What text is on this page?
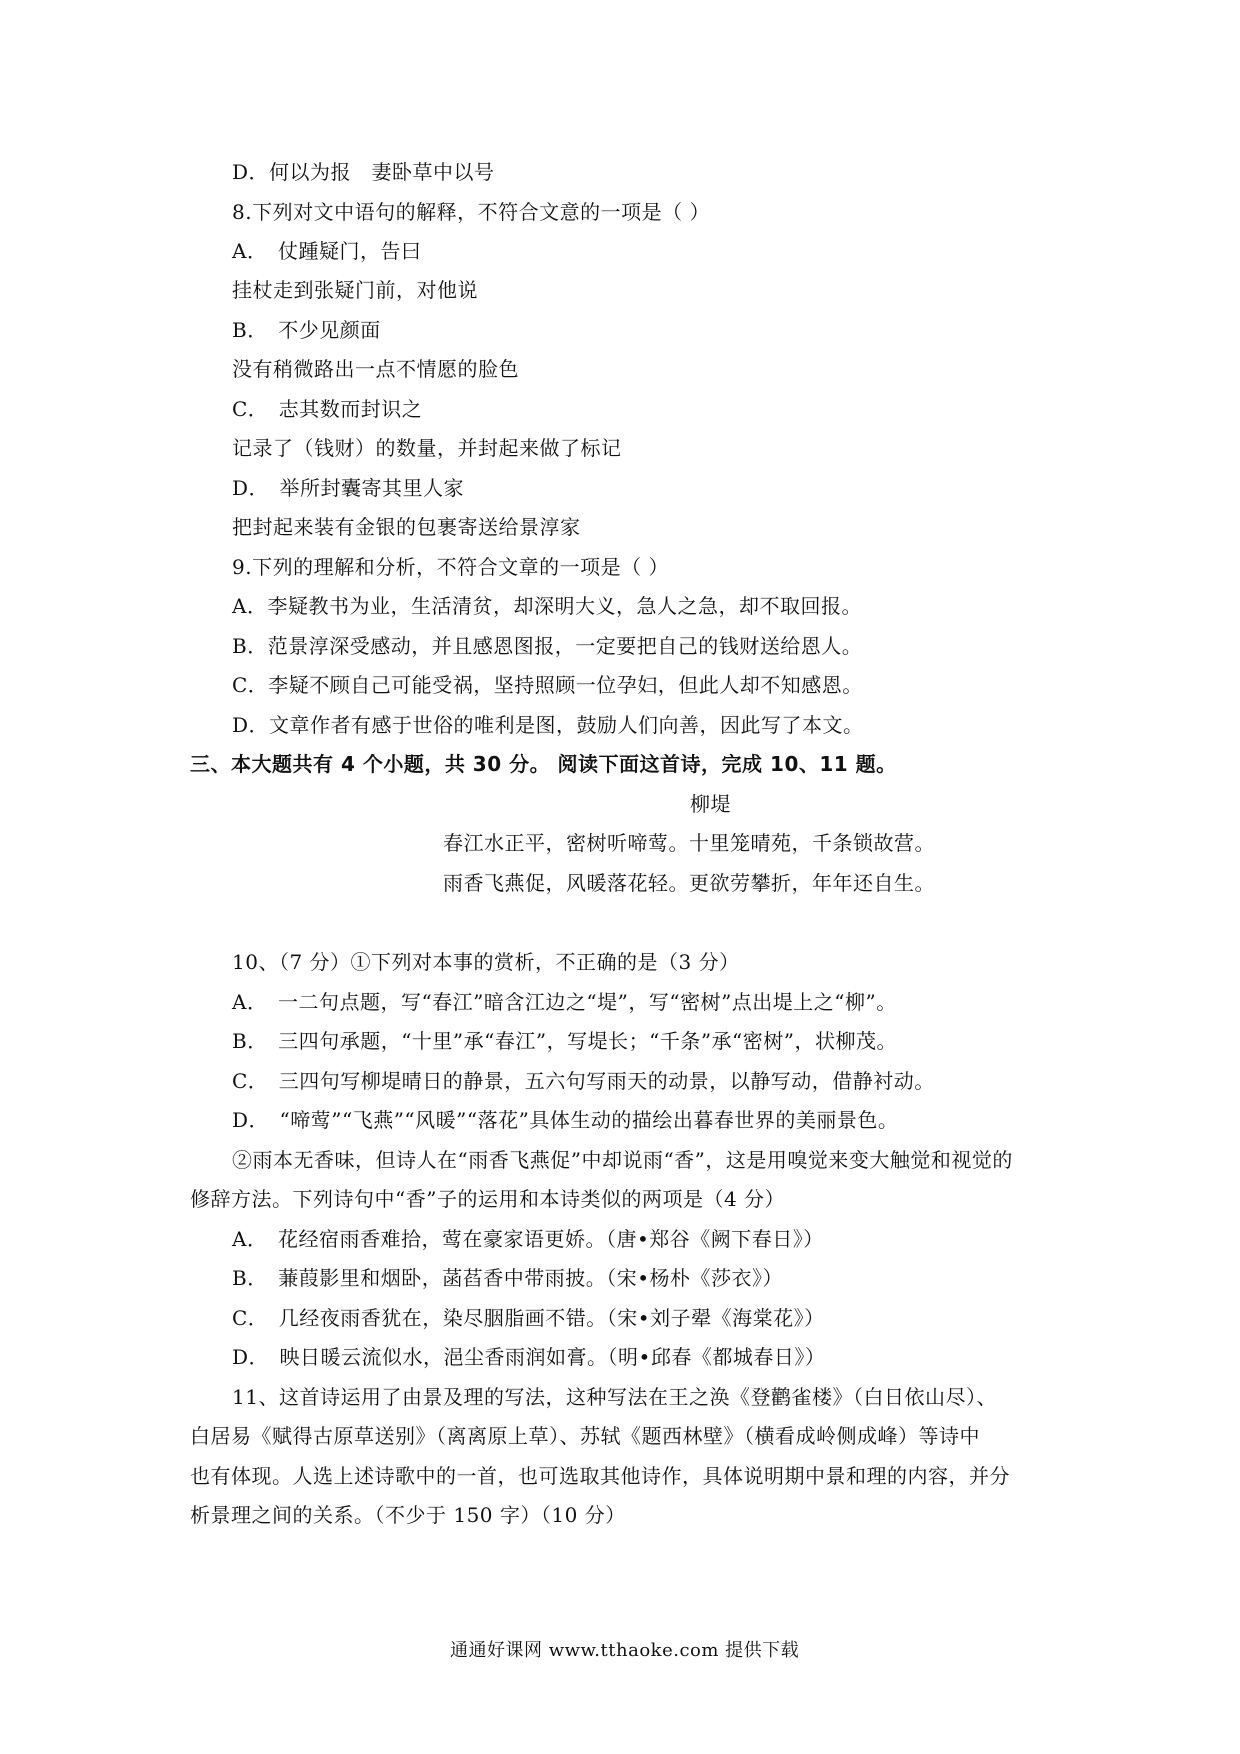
D．何以为报　妻卧草中以号
8.下列对文中语句的解释，不符合文意的一项是（ ）
A．　仗踵疑门，告曰
挂杖走到张疑门前，对他说
B．　不少见颜面
没有稍微路出一点不情愿的脸色
C．　志其数而封识之
记录了（钱财）的数量，并封起来做了标记
D．　举所封囊寄其里人家
把封起来装有金银的包裹寄送给景淳家
9.下列的理解和分析，不符合文章的一项是（ ）
A．李疑教书为业，生活清贫，却深明大义，急人之急，却不取回报。
B．范景淳深受感动，并且感恩图报，一定要把自己的钱财送给恩人。
C．李疑不顾自己可能受祸，坚持照顾一位孕妇，但此人却不知感恩。
D．文章作者有感于世俗的唯利是图，鼓励人们向善，因此写了本文。
三、本大题共有 4 个小题，共 30 分。 阅读下面这首诗，完成 10、11 题。
柳堤
春江水正平，密树听啼莺。十里笼晴苑，千条锁故营。
雨香飞燕促，风暖落花轻。更欲劳攀折，年年还自生。
10、（7 分）①下列对本事的赏析，不正确的是（3 分）
A．　一二句点题，写“春江”暗含江边之“堤”，写“密树”点出堤上之“柳”。
B．　三四句承题，“十里”承“春江”，写堤长；“千条”承“密树”，状柳茂。
C．　三四句写柳堤晴日的静景，五六句写雨天的动景，以静写动，借静衬动。
D．　“啼莺”“飞燕”“风暖”“落花”具体生动的描绘出暮春世界的美丽景色。
②雨本无香味，但诗人在“雨香飞燕促”中却说雨“香”，这是用嗅觉来变大触觉和视觉的
修辞方法。下列诗句中“香”子的运用和本诗类似的两项是（4 分）
A．　花经宿雨香难拾，莺在豪家语更娇。（唐•郑谷《阙下春日》）
B．　蒹葭影里和烟卧，菡萏香中带雨披。（宋•杨朴《莎衣》）
C．　几经夜雨香犹在，染尽胭脂画不错。（宋•刘子翚《海棠花》）
D．　映日暖云流似水，浥尘香雨润如膏。（明•邱春《都城春日》）
11、这首诗运用了由景及理的写法，这种写法在王之涣《登鹳雀楼》（白日依山尽）、
白居易《赋得古原草送别》（离离原上草）、苏轼《题西林壁》（横看成岭侧成峰）等诗中
也有体现。人选上述诗歌中的一首，也可选取其他诗作，具体说明期中景和理的内容，并分
析景理之间的关系。（不少于 150 字）（10 分）
通通好课网 www.tthaoke.com 提供下载
